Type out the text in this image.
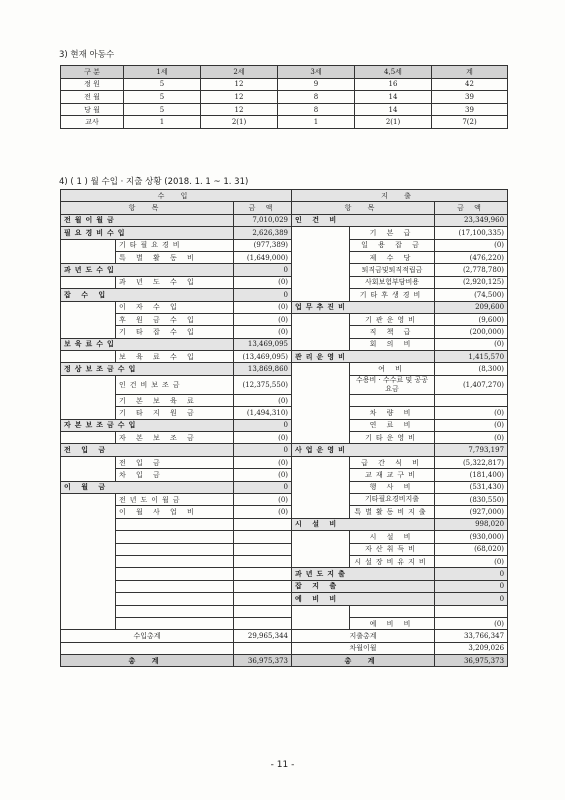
3) 현재 아동수
구 분	1세	2세	3세	4,5세	계
정 원	5	12	9	16	42
전 월	5	12	8	14	39
당 월	5	12	8	14	39
교사	1	2(1)	1	2(1)	7(2)
4) ( 1 ) 월 수입 · 지출 상황 (2018. 1. 1 ~ 1. 31)
수 입			지 출		
항 목		금 액	항 목		금 액
전월이월금		7,010,029	인 건 비		23,349,960
필요경비수입		2,626,389		기 본 급	(17,100,335)
	기타필요경비	(977,389)		일 용 잡 금	(0)
	특 별 활 동 비	(1,649,000)		제 수 당	(476,220)
과년도수입		0		퇴직금및퇴직적립금	(2,778,780)
	과 년 도 수 입	(0)		사회보험부담비용	(2,920,125)
잡 수 입		0		기타후생경비	(74,500)
	이 자 수 입	(0)	업무추진비		209,600
	후 원 금 수 입	(0)		기관운영비	(9,600)
	기 타 잡 수 입	(0)		직 책 급	(200,000)
보육료수입		13,469,095		회 의 비	(0)
	보 육 료 수 입	(13,469,095)	관리운영비		1,415,570
정상보조금수입		13,869,860		여 비	(8,300)
	인건비보조금	(12,375,550)		수용비 · 수수료 및 공공요금	(1,407,270)
	기 본 보 육 료	(0)			
	기 타 지 원 금	(1,494,310)		차 량 비	(0)
자본보조금수입		0		연 료 비	(0)
	자 본 보 조 금	(0)		기타운영비	(0)
전 입 금		0	사업운영비		7,793,197
	전 입 금	(0)		급 간 식 비	(5,322,817)
	차 입 금	(0)		교재교구비	(181,400)
이 월 금		0		행 사 비	(531,430)
	전년도이월금	(0)		기타필요경비지출	(830,550)
	이 월 사 업 비	(0)		특별활동비지출	(927,000)
			시 설 비		998,020
				시 설 비	(930,000)
				자산취득비	(68,020)
				시설장비유지비	(0)
			과년도지출		0
			잡 지 출		0
			예 비 비		0

				예 비 비	(0)
수입총계		29,965,344	지출총계		33,766,347
			차월이월		3,209,026
총 계		36,975,373	총 계		36,975,373
- 11 -
